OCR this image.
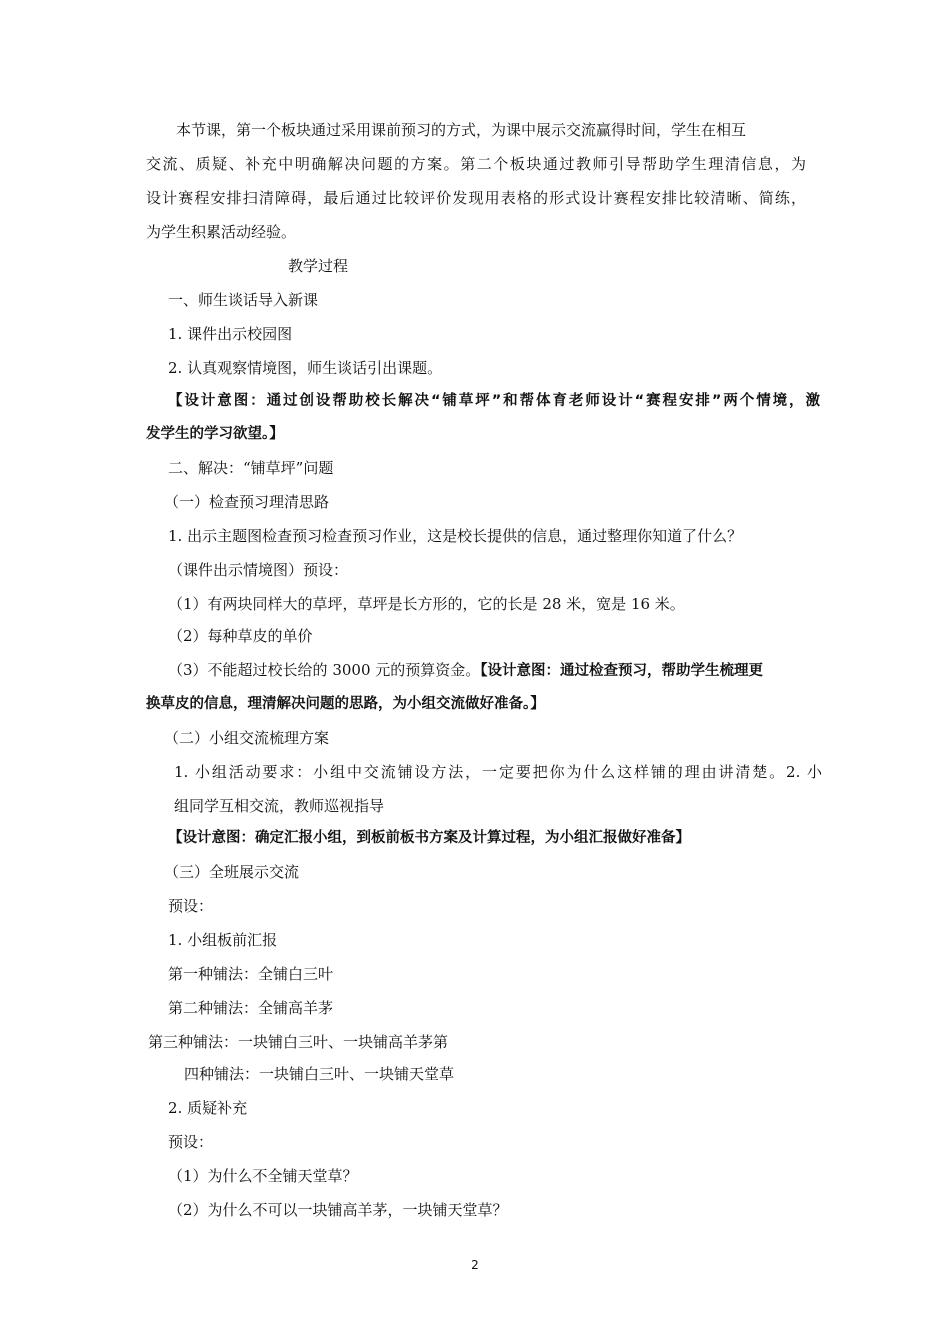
本节课，第一个板块通过采用课前预习的方式，为课中展示交流赢得时间，学生在相互
交流、质疑、补充中明确解决问题的方案。第二个板块通过教师引导帮助学生理清信息，为
设计赛程安排扫清障碍，最后通过比较评价发现用表格的形式设计赛程安排比较清晰、简练，
为学生积累活动经验。
教学过程
一、师生谈话导入新课
1. 课件出示校园图
2. 认真观察情境图，师生谈话引出课题。
【设计意图：通过创设帮助校长解决“铺草坪”和帮体育老师设计“赛程安排”两个情境，激
发学生的学习欲望。】
二、解决：“铺草坪”问题
（一）检查预习理清思路
1. 出示主题图检查预习检查预习作业，这是校长提供的信息，通过整理你知道了什么？
（课件出示情境图）预设：
（1）有两块同样大的草坪，草坪是长方形的，它的长是 28 米，宽是 16 米。
（2）每种草皮的单价
（3）不能超过校长给的 3000 元的预算资金。【设计意图：通过检查预习，帮助学生梳理更
换草皮的信息，理清解决问题的思路，为小组交流做好准备。】
（二）小组交流梳理方案
1. 小组活动要求：小组中交流铺设方法，一定要把你为什么这样铺的理由讲清楚。2. 小
组同学互相交流，教师巡视指导
【设计意图：确定汇报小组，到板前板书方案及计算过程，为小组汇报做好准备】
（三）全班展示交流
预设：
1. 小组板前汇报
第一种铺法：全铺白三叶
第二种铺法：全铺高羊茅
第三种铺法：一块铺白三叶、一块铺高羊茅第
四种铺法：一块铺白三叶、一块铺天堂草
2. 质疑补充
预设：
（1）为什么不全铺天堂草？
（2）为什么不可以一块铺高羊茅，一块铺天堂草？
2
